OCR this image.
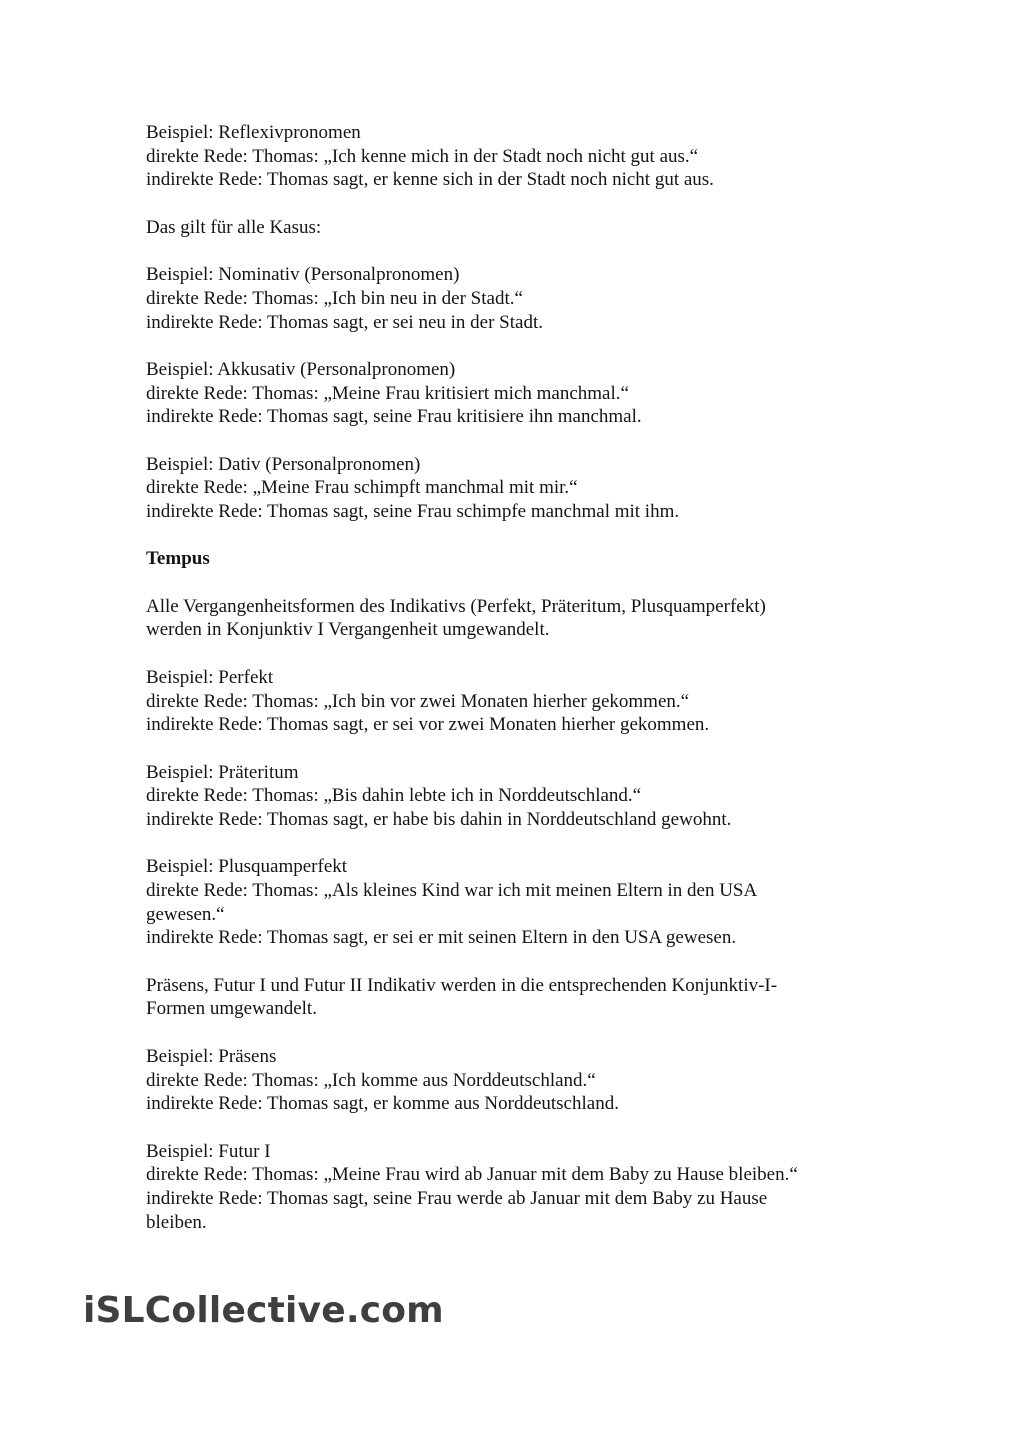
Beispiel: Reflexivpronomen
direkte Rede: Thomas: „Ich kenne mich in der Stadt noch nicht gut aus.“
indirekte Rede: Thomas sagt, er kenne sich in der Stadt noch nicht gut aus.
Das gilt für alle Kasus:
Beispiel: Nominativ (Personalpronomen)
direkte Rede: Thomas: „Ich bin neu in der Stadt.“
indirekte Rede: Thomas sagt, er sei neu in der Stadt.
Beispiel: Akkusativ (Personalpronomen)
direkte Rede: Thomas: „Meine Frau kritisiert mich manchmal.“
indirekte Rede: Thomas sagt, seine Frau kritisiere ihn manchmal.
Beispiel: Dativ (Personalpronomen)
direkte Rede: „Meine Frau schimpft manchmal mit mir.“
indirekte Rede: Thomas sagt, seine Frau schimpfe manchmal mit ihm.
Tempus
Alle Vergangenheitsformen des Indikativs (Perfekt, Präteritum, Plusquamperfekt)
werden in Konjunktiv I Vergangenheit umgewandelt.
Beispiel: Perfekt
direkte Rede: Thomas: „Ich bin vor zwei Monaten hierher gekommen.“
indirekte Rede: Thomas sagt, er sei vor zwei Monaten hierher gekommen.
Beispiel: Präteritum
direkte Rede: Thomas: „Bis dahin lebte ich in Norddeutschland.“
indirekte Rede: Thomas sagt, er habe bis dahin in Norddeutschland gewohnt.
Beispiel: Plusquamperfekt
direkte Rede: Thomas: „Als kleines Kind war ich mit meinen Eltern in den USA
gewesen.“
indirekte Rede: Thomas sagt, er sei er mit seinen Eltern in den USA gewesen.
Präsens, Futur I und Futur II Indikativ werden in die entsprechenden Konjunktiv-I-
Formen umgewandelt.
Beispiel: Präsens
direkte Rede: Thomas: „Ich komme aus Norddeutschland.“
indirekte Rede: Thomas sagt, er komme aus Norddeutschland.
Beispiel: Futur I
direkte Rede: Thomas: „Meine Frau wird ab Januar mit dem Baby zu Hause bleiben.“
indirekte Rede: Thomas sagt, seine Frau werde ab Januar mit dem Baby zu Hause
bleiben.
iSLCollective.com
